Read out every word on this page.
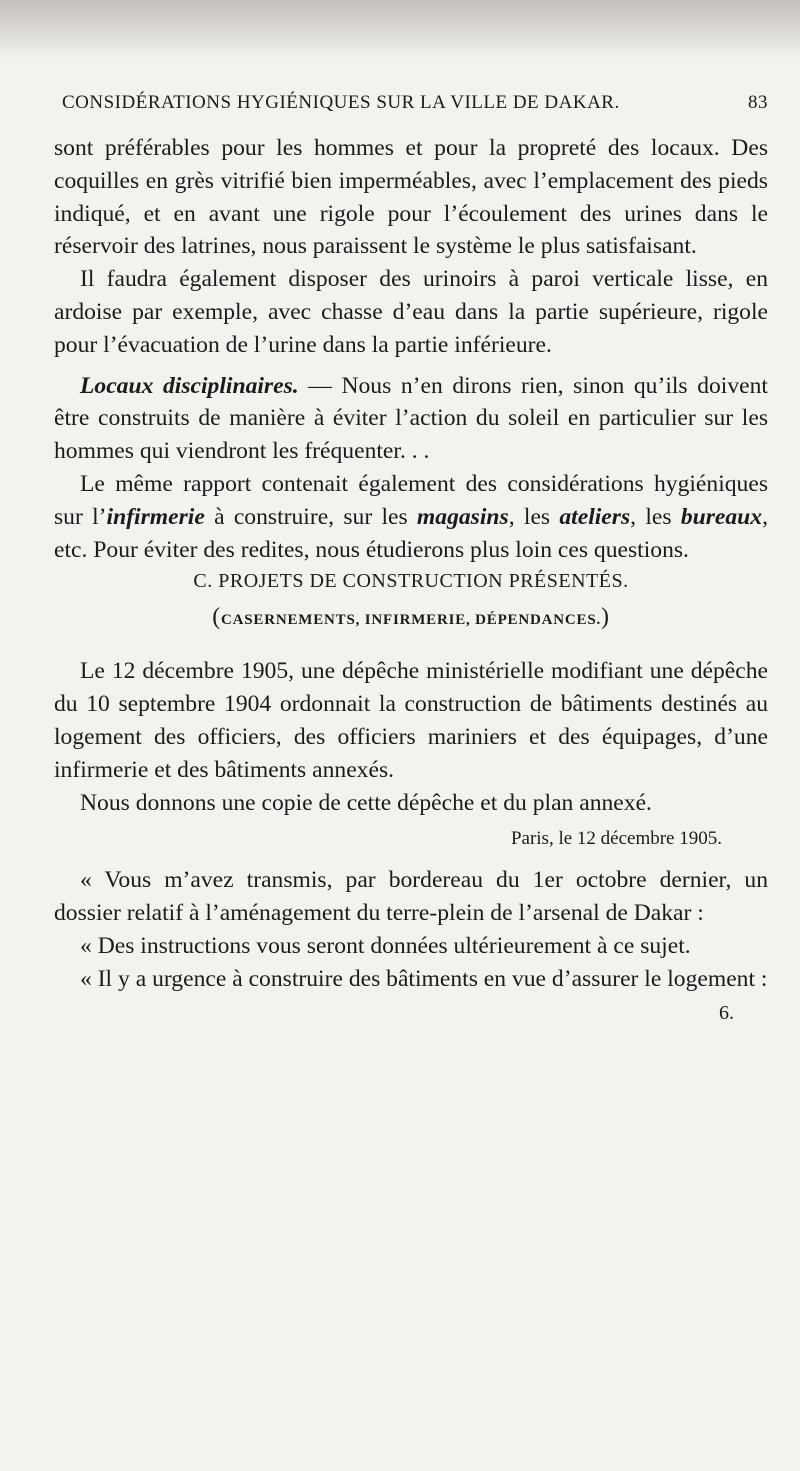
CONSIDÉRATIONS HYGIÉNIQUES SUR LA VILLE DE DAKAR.	83

sont préférables pour les hommes et pour la propreté des locaux. Des coquilles en grès vitrifié bien imperméables, avec l’emplacement des pieds indiqué, et en avant une rigole pour l’écoulement des urines dans le réservoir des latrines, nous paraissent le système le plus satisfaisant.

Il faudra également disposer des urinoirs à paroi verticale lisse, en ardoise par exemple, avec chasse d’eau dans la partie supérieure, rigole pour l’évacuation de l’urine dans la partie inférieure.

Locaux disciplinaires. — Nous n’en dirons rien, sinon qu’ils doivent être construits de manière à éviter l’action du soleil en particulier sur les hommes qui viendront les fréquenter. . .

Le même rapport contenait également des considérations hygiéniques sur l’infirmerie à construire, sur les magasins, les ateliers, les bureaux, etc. Pour éviter des redites, nous étudierons plus loin ces questions.

C. PROJETS DE CONSTRUCTION PRÉSENTÉS.

(CASERNEMENTS, INFIRMERIE, DÉPENDANCES.)

Le 12 décembre 1905, une dépêche ministérielle modifiant une dépêche du 10 septembre 1904 ordonnait la construction de bâtiments destinés au logement des officiers, des officiers mariniers et des équipages, d’une infirmerie et des bâtiments annexés.

Nous donnons une copie de cette dépêche et du plan annexé.

Paris, le 12 décembre 1905.

« Vous m’avez transmis, par bordereau du 1er octobre dernier, un dossier relatif à l’aménagement du terre-plein de l’arsenal de Dakar :

« Des instructions vous seront données ultérieurement à ce sujet.

« Il y a urgence à construire des bâtiments en vue d’assurer le logement :

6.
